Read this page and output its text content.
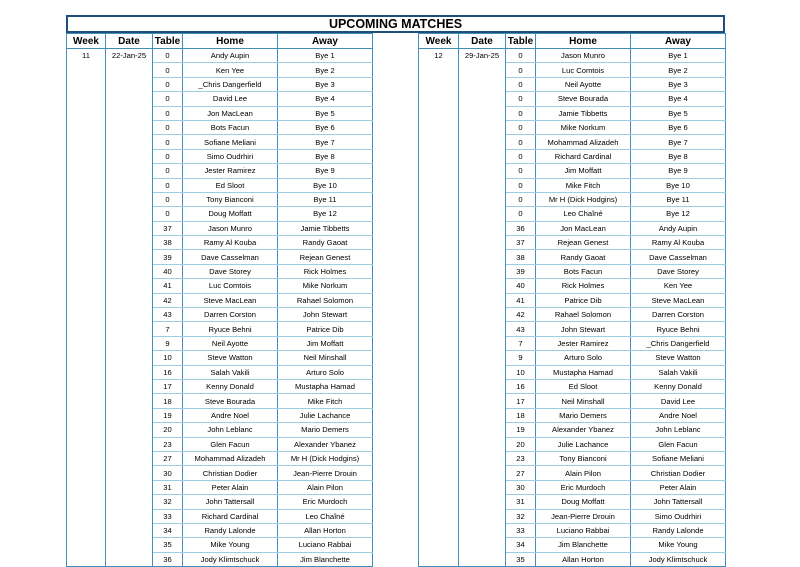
UPCOMING MATCHES
Week	Date	Table	Home	Away
11	22-Jan-25	0	Andy Aupin	Bye 1
		0	Ken Yee	Bye 2
		0	_Chris Dangerfield	Bye 3
		0	David Lee	Bye 4
		0	Jon MacLean	Bye 5
		0	Bots Facun	Bye 6
		0	Sofiane Meliani	Bye 7
		0	Simo Oudrhiri	Bye 8
		0	Jester Ramirez	Bye 9
		0	Ed Sloot	Bye 10
		0	Tony Bianconi	Bye 11
		0	Doug Moffatt	Bye 12
		37	Jason Munro	Jamie Tibbetts
		38	Ramy Al Kouba	Randy Gaoat
		39	Dave Casselman	Rejean Genest
		40	Dave Storey	Rick Holmes
		41	Luc Comtois	Mike Norkum
		42	Steve MacLean	Rahael Solomon
		43	Darren Corston	John Stewart
		7	Ryuce Behni	Patrice Dib
		9	Neil Ayotte	Jim Moffatt
		10	Steve Watton	Neil Minshall
		16	Salah Vakili	Arturo Solo
		17	Kenny Donald	Mustapha Hamad
		18	Steve Bourada	Mike Fitch
		19	Andre Noel	Julie Lachance
		20	John Leblanc	Mario Demers
		23	Glen Facun	Alexander Ybanez
		27	Mohammad Alizadeh	Mr H (Dick Hodgins)
		30	Christian Dodier	Jean-Pierre Drouin
		31	Peter Alain	Alain Pilon
		32	John Tattersall	Eric Murdoch
		33	Richard Cardinal	Leo Chaîné
		34	Randy Lalonde	Allan Horton
		35	Mike Young	Luciano Rabbai
		36	Jody Klimtschuck	Jim Blanchette
Week	Date	Table	Home	Away
12	29-Jan-25	0	Jason Munro	Bye 1
		0	Luc Comtois	Bye 2
		0	Neil Ayotte	Bye 3
		0	Steve Bourada	Bye 4
		0	Jamie Tibbetts	Bye 5
		0	Mike Norkum	Bye 6
		0	Mohammad Alizadeh	Bye 7
		0	Richard Cardinal	Bye 8
		0	Jim Moffatt	Bye 9
		0	Mike Fitch	Bye 10
		0	Mr H (Dick Hodgins)	Bye 11
		0	Leo Chaîné	Bye 12
		36	Jon MacLean	Andy Aupin
		37	Rejean Genest	Ramy Al Kouba
		38	Randy Gaoat	Dave Casselman
		39	Bots Facun	Dave Storey
		40	Rick Holmes	Ken Yee
		41	Patrice Dib	Steve MacLean
		42	Rahael Solomon	Darren Corston
		43	John Stewart	Ryuce Behni
		7	Jester Ramirez	_Chris Dangerfield
		9	Arturo Solo	Steve Watton
		10	Mustapha Hamad	Salah Vakili
		16	Ed Sloot	Kenny Donald
		17	Neil Minshall	David Lee
		18	Mario Demers	Andre Noel
		19	Alexander Ybanez	John Leblanc
		20	Julie Lachance	Glen Facun
		23	Tony Bianconi	Sofiane Meliani
		27	Alain Pilon	Christian Dodier
		30	Eric Murdoch	Peter Alain
		31	Doug Moffatt	John Tattersall
		32	Jean-Pierre Drouin	Simo Oudrhiri
		33	Luciano Rabbai	Randy Lalonde
		34	Jim Blanchette	Mike Young
		35	Allan Horton	Jody Klimtschuck
